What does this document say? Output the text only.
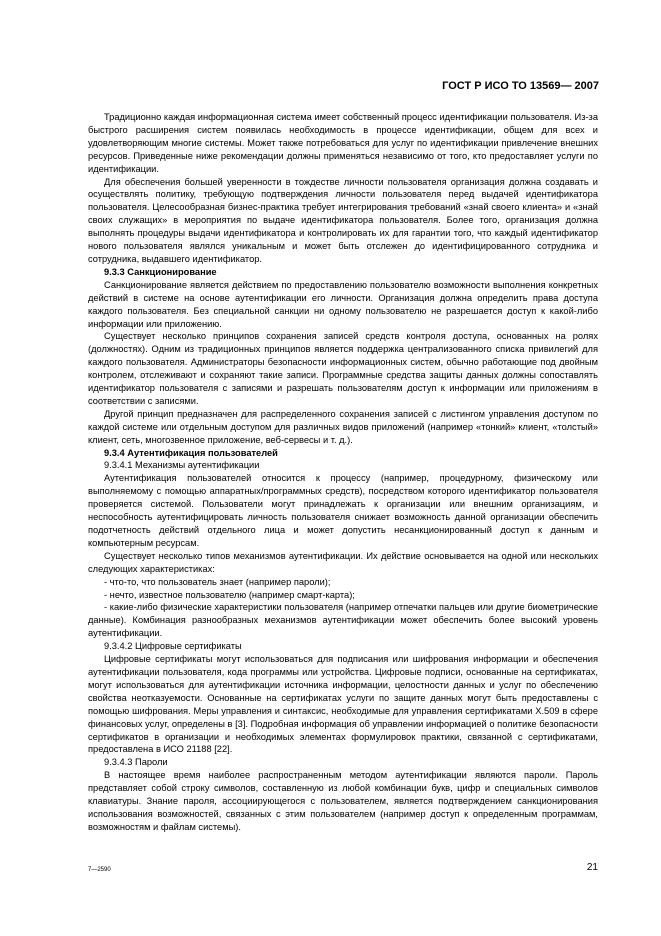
ГОСТ Р ИСО ТО 13569— 2007

Традиционно каждая информационная система имеет собственный процесс идентификации пользователя. Из-за быстрого расширения систем появилась необходимость в процессе идентификации, общем для всех и удовлетворяющим многие системы. Может также потребоваться для услуг по идентификации привлечение внешних ресурсов. Приведенные ниже рекомендации должны применяться независимо от того, кто предоставляет услуги по идентификации.

Для обеспечения большей уверенности в тождестве личности пользователя организация должна создавать и осуществлять политику, требующую подтверждения личности пользователя перед выдачей идентификатора пользователя. Целесообразная бизнес-практика требует интегрирования требований «знай своего клиента» и «знай своих служащих» в мероприятия по выдаче идентификатора пользователя. Более того, организация должна выполнять процедуры выдачи идентификатора и контролировать их для гарантии того, что каждый идентификатор нового пользователя являлся уникальным и может быть отслежен до идентифицированного сотрудника и сотрудника, выдавшего идентификатор.

9.3.3 Санкционирование

Санкционирование является действием по предоставлению пользователю возможности выполнения конкретных действий в системе на основе аутентификации его личности. Организация должна определить права доступа каждого пользователя. Без специальной санкции ни одному пользователю не разрешается доступ к какой-либо информации или приложению.

Существует несколько принципов сохранения записей средств контроля доступа, основанных на ролях (должностях). Одним из традиционных принципов является поддержка централизованного списка привилегий для каждого пользователя. Администраторы безопасности информационных систем, обычно работающие под двойным контролем, отслеживают и сохраняют такие записи. Программные средства защиты данных должны сопоставлять идентификатор пользователя с записями и разрешать пользователям доступ к информации или приложениям в соответствии с записями.

Другой принцип предназначен для распределенного сохранения записей с листингом управления доступом по каждой системе или отдельным доступом для различных видов приложений (например «тонкий» клиент, «толстый» клиент, сеть, многозвенное приложение, веб-сервесы и т. д.).

9.3.4 Аутентификация пользователей

9.3.4.1 Механизмы аутентификации

Аутентификация пользователей относится к процессу (например, процедурному, физическому или выполняемому с помощью аппаратных/программных средств), посредством которого идентификатор пользователя проверяется системой. Пользователи могут принадлежать к организации или внешним организациям, и неспособность аутентифицировать личность пользователя снижает возможность данной организации обеспечить подотчетность действий отдельного лица и может допустить несанкционированный доступ к данным и компьютерным ресурсам.

Существует несколько типов механизмов аутентификации. Их действие основывается на одной или нескольких следующих характеристиках:

- что-то, что пользователь знает (например пароли);

- нечто, известное пользователю (например смарт-карта);

- какие-либо физические характеристики пользователя (например отпечатки пальцев или другие биометрические данные). Комбинация разнообразных механизмов аутентификации может обеспечить более высокий уровень аутентификации.

9.3.4.2 Цифровые сертификаты

Цифровые сертификаты могут использоваться для подписания или шифрования информации и обеспечения аутентификации пользователя, кода программы или устройства. Цифровые подписи, основанные на сертификатах, могут использоваться для аутентификации источника информации, целостности данных и услуг по обеспечению свойства неотказуемости. Основанные на сертификатах услуги по защите данных могут быть предоставлены с помощью шифрования. Меры управления и синтаксис, необходимые для управления сертификатами X.509 в сфере финансовых услуг, определены в [3]. Подробная информация об управлении информацией о политике безопасности сертификатов в организации и необходимых элементах формулировок практики, связанной с сертификатами, предоставлена в ИСО 21188 [22].

9.3.4.3 Пароли

В настоящее время наиболее распространенным методом аутентификации являются пароли. Пароль представляет собой строку символов, составленную из любой комбинации букв, цифр и специальных символов клавиатуры. Знание пароля, ассоциирующегося с пользователем, является подтверждением санкционирования использования возможностей, связанных с этим пользователем (например доступ к определенным программам, возможностям и файлам системы).

7—2590	21
